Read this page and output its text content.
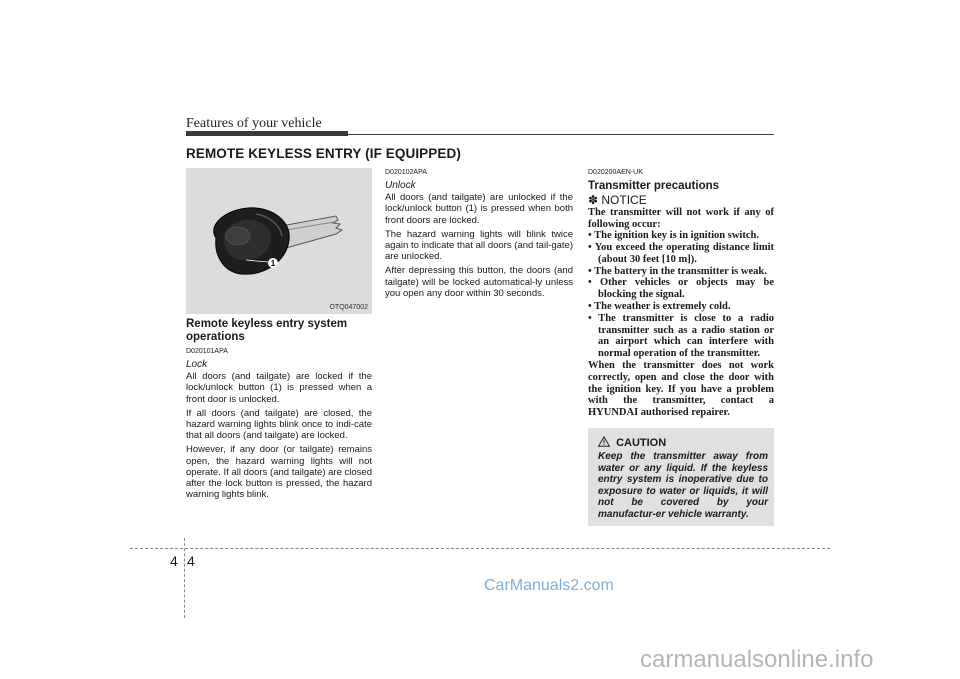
Features of your vehicle
REMOTE KEYLESS ENTRY (IF EQUIPPED)
1
OTQ047002
Remote keyless entry system operations
D020101APA
Lock

All doors (and tailgate) are locked if the lock/unlock button (1) is pressed when a front door is unlocked.

If all doors (and tailgate) are closed, the hazard warning lights blink once to indi-cate that all doors (and tailgate) are locked.

However, if any door (or tailgate) remains open, the hazard warning lights will not operate. If all doors (and tailgate) are closed after the lock button is pressed, the hazard warning lights blink.

D020102APA
Unlock

All doors (and tailgate) are unlocked if the lock/unlock button (1) is pressed when both front doors are locked.

The hazard warning lights will blink twice again to indicate that all doors (and tail-gate) are unlocked.

After depressing this button, the doors (and tailgate) will be locked automatical-ly unless you open any door within 30 seconds.

D020200AEN-UK
Transmitter precautions
✽ NOTICE

The transmitter will not work if any of following occur:

• The ignition key is in ignition switch.

• You exceed the operating distance limit (about 30 feet [10 m]).

• The battery in the transmitter is weak.

• Other vehicles or objects may be blocking the signal.

• The weather is extremely cold.

• The transmitter is close to a radio transmitter such as a radio station or an airport which can interfere with normal operation of the transmitter.

When the transmitter does not work correctly, open and close the door with the ignition key. If you have a problem with the transmitter, contact a HYUNDAI authorised repairer.

CAUTION
Keep the transmitter away from water or any liquid. If the keyless entry system is inoperative due to exposure to water or liquids, it will not be covered by your manufactur-er vehicle warranty.
4 4
CarManuals2.com
carmanualsonline.info
